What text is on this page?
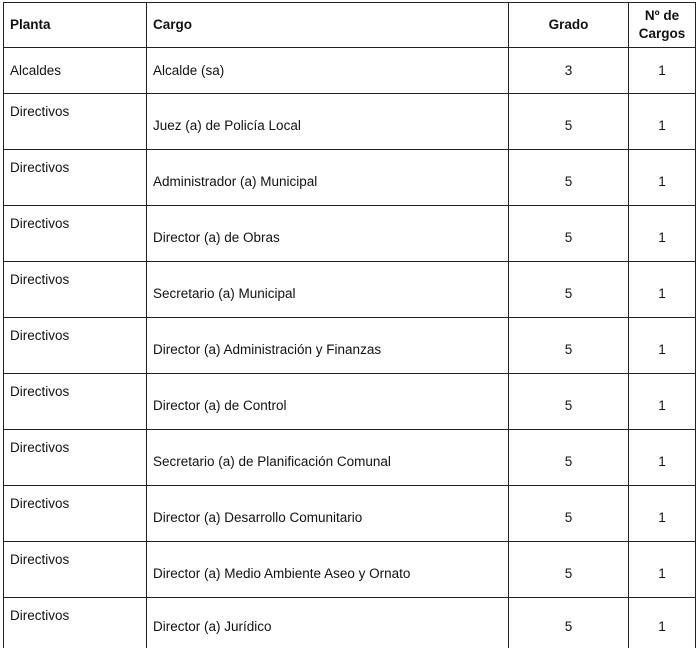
Planta	Cargo	Grado	Nº de
Cargos
Alcaldes	Alcalde (sa)	3	1
Directivos	Juez (a) de Policía Local	5	1
Directivos	Administrador (a) Municipal	5	1
Directivos	Director (a) de Obras	5	1
Directivos	Secretario (a) Municipal	5	1
Directivos	Director (a) Administración y Finanzas	5	1
Directivos	Director (a) de Control	5	1
Directivos	Secretario (a) de Planificación Comunal	5	1
Directivos	Director (a) Desarrollo Comunitario	5	1
Directivos	Director (a) Medio Ambiente Aseo y Ornato	5	1
Directivos	Director (a) Jurídico	5	1
